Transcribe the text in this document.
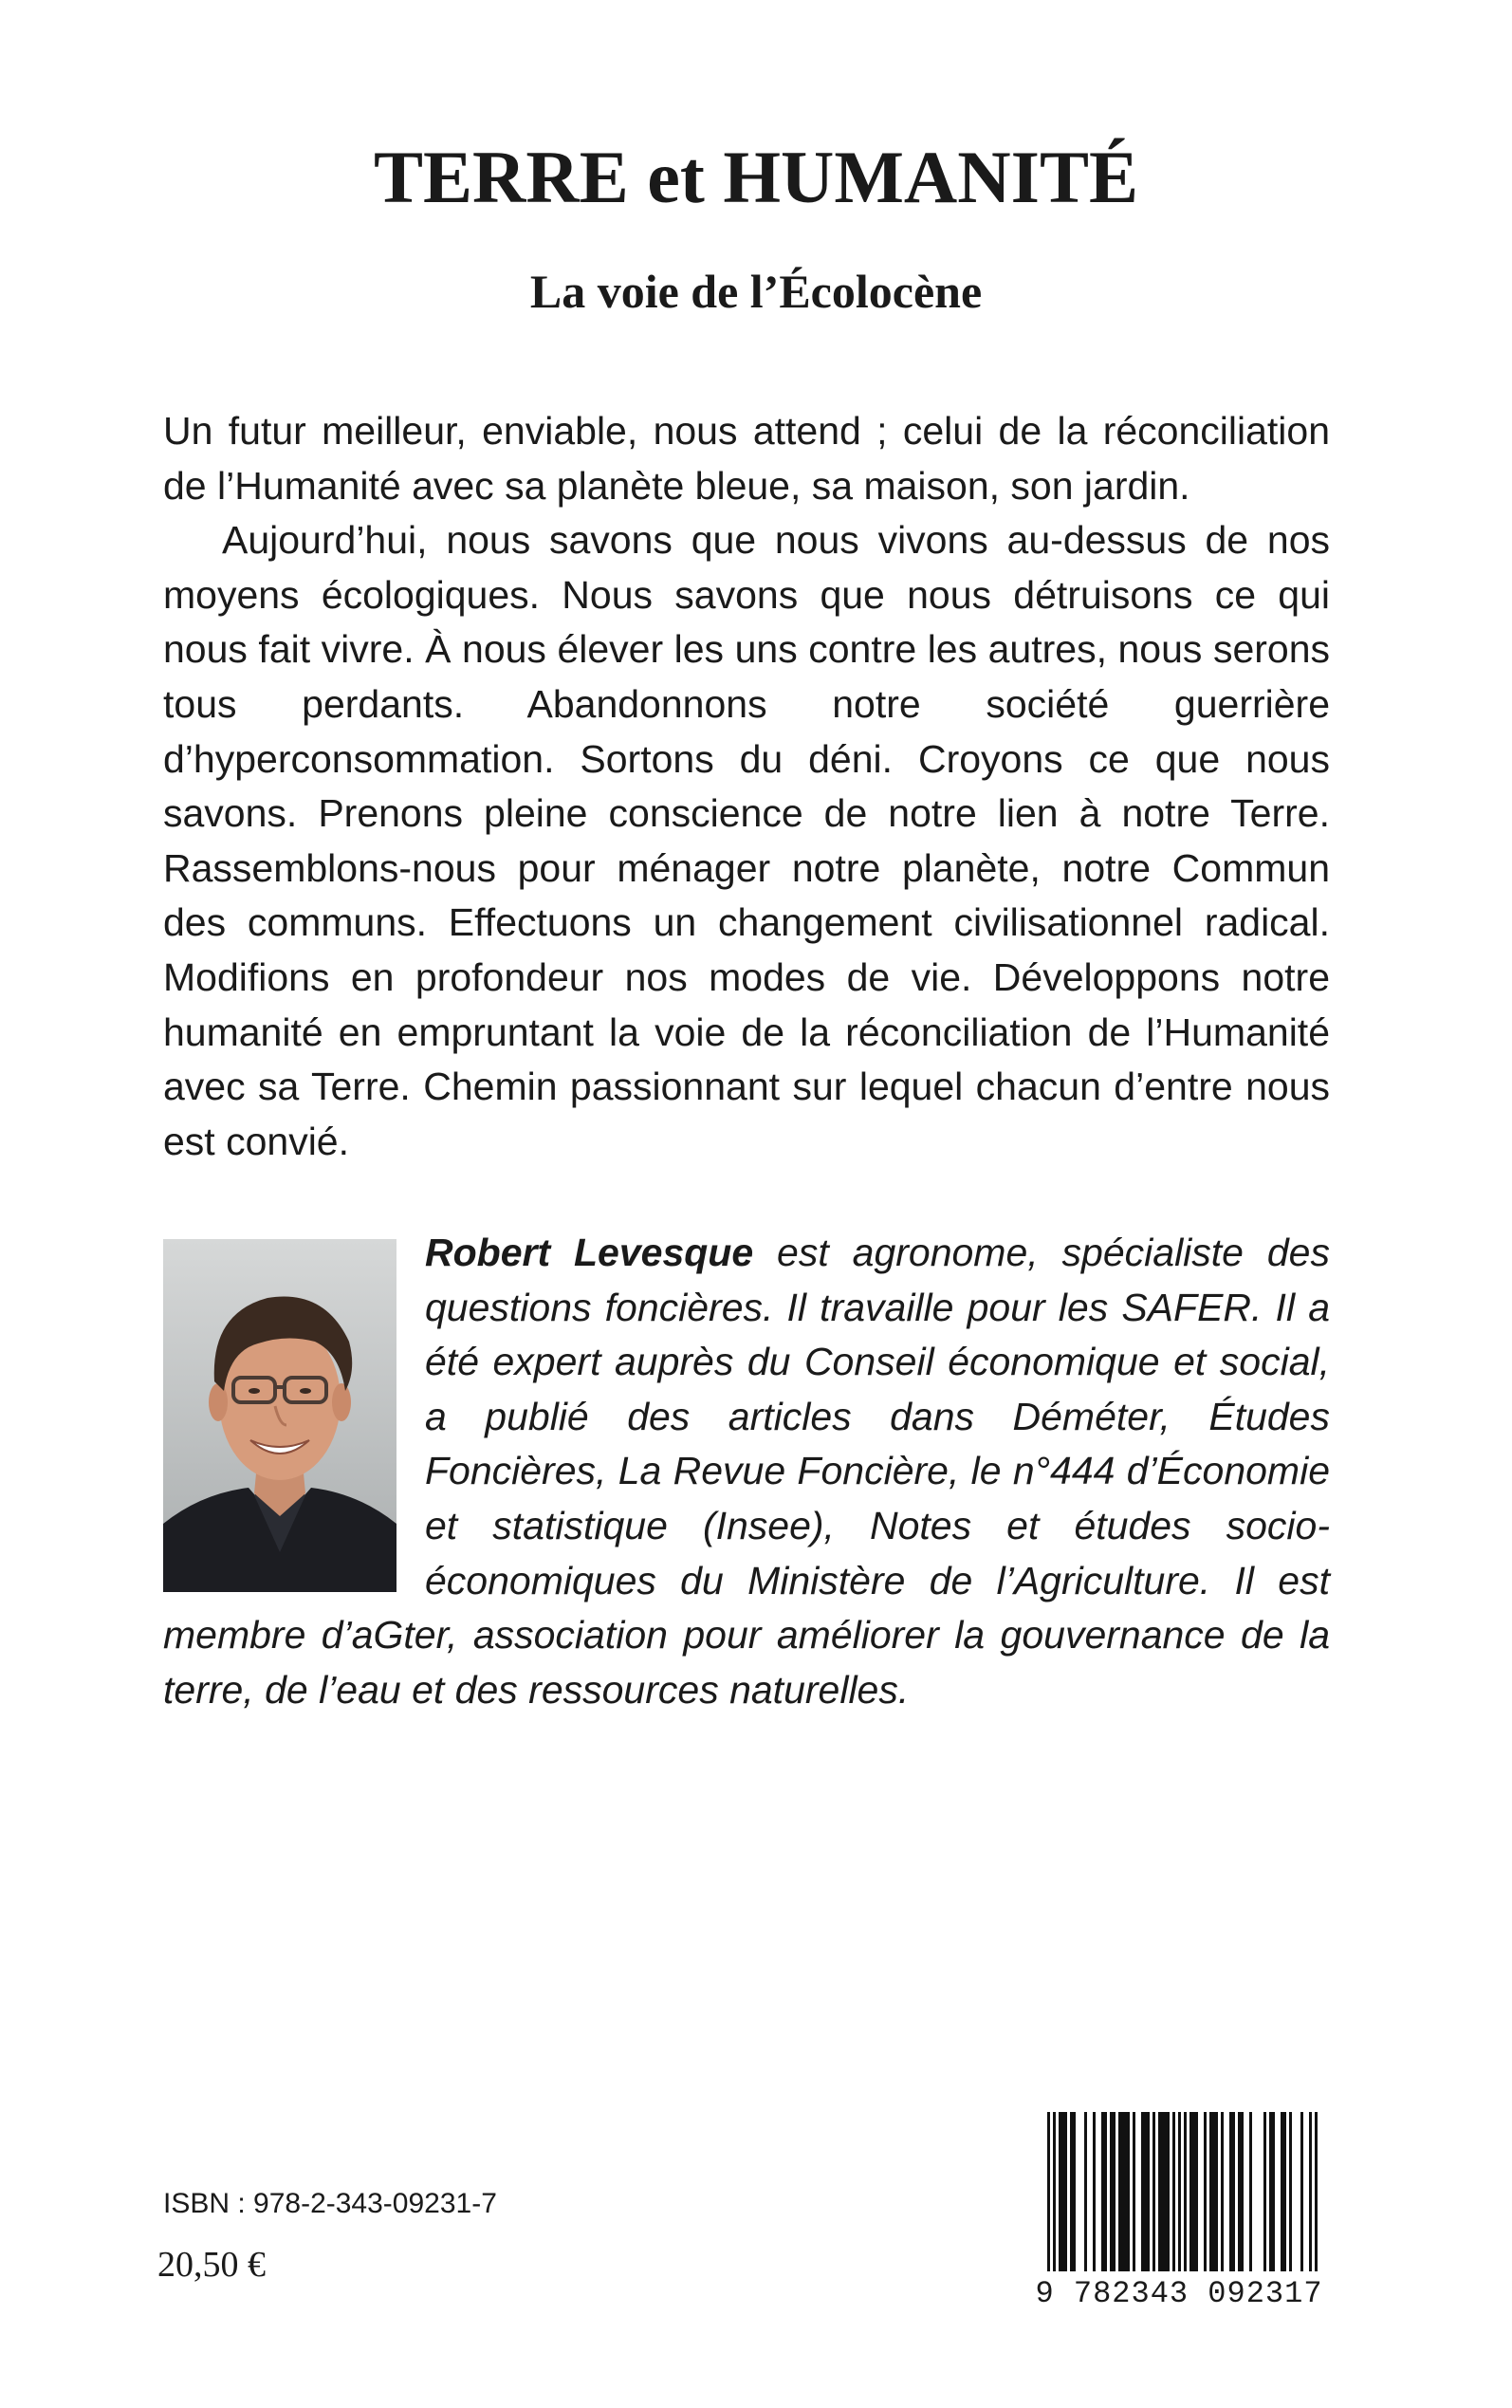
TERRE et HUMANITÉ
La voie de l’Écolocène

Un futur meilleur, enviable, nous attend ; celui de la réconciliation de l’Humanité avec sa planète bleue, sa maison, son jardin.

Aujourd’hui, nous savons que nous vivons au-dessus de nos moyens écologiques. Nous savons que nous détruisons ce qui nous fait vivre. À nous élever les uns contre les autres, nous serons tous perdants. Abandonnons notre société guerrière d’hyperconsommation. Sortons du déni. Croyons ce que nous savons. Prenons pleine conscience de notre lien à notre Terre. Rassemblons-nous pour ménager notre planète, notre Commun des communs. Effectuons un changement civilisationnel radical. Modifions en profondeur nos modes de vie. Développons notre humanité en empruntant la voie de la réconciliation de l’Humanité avec sa Terre. Chemin passionnant sur lequel chacun d’entre nous est convié.

Robert Levesque est agronome, spécialiste des questions foncières. Il travaille pour les SAFER. Il a été expert auprès du Conseil économique et social, a publié des articles dans Déméter, Études Foncières, La Revue Foncière, le n°444 d’Économie et statistique (Insee), Notes et études socio-économiques du Ministère de l’Agriculture. Il est membre d’aGter, association pour améliorer la gouvernance de la terre, de l’eau et des ressources naturelles.

ISBN : 978-2-343-09231-7

20,50 €

9 782343 092317
